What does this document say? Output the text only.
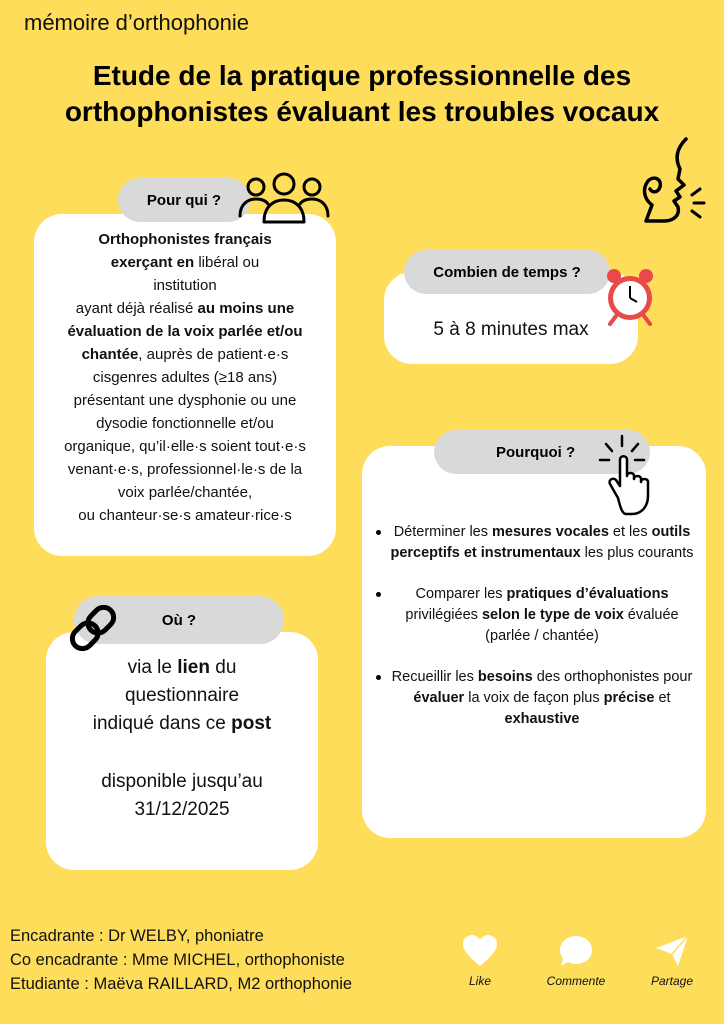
mémoire d’orthophonie
Etude de la pratique professionnelle des
orthophonistes évaluant les troubles vocaux
Orthophonistes français
exerçant en libéral ou
institution
ayant déjà réalisé au moins une
évaluation de la voix parlée et/ou
chantée, auprès de patient·e·s
cisgenres adultes (≥18 ans)
présentant une dysphonie ou une
dysodie fonctionnelle et/ou
organique, qu’il·elle·s soient tout·e·s
venant·e·s, professionnel·le·s de la
voix parlée/chantée,
ou chanteur·se·s amateur·rice·s
Pour qui ?
5 à 8 minutes max
Combien de temps ?
Déterminer les mesures vocales et les outils perceptifs et instrumentaux les plus courants
Comparer les pratiques d’évaluations privilégiées selon le type de voix évaluée (parlée / chantée)
Recueillir les besoins des orthophonistes pour évaluer la voix de façon plus précise et exhaustive
Pourquoi ?
via le lien du
questionnaire
indiqué dans ce post
disponible jusqu’au
31/12/2025
Où ?
Encadrante : Dr WELBY, phoniatre
Co encadrante : Mme MICHEL, orthophoniste
Etudiante : Maëva RAILLARD, M2 orthophonie	Like	Commente	Partage
